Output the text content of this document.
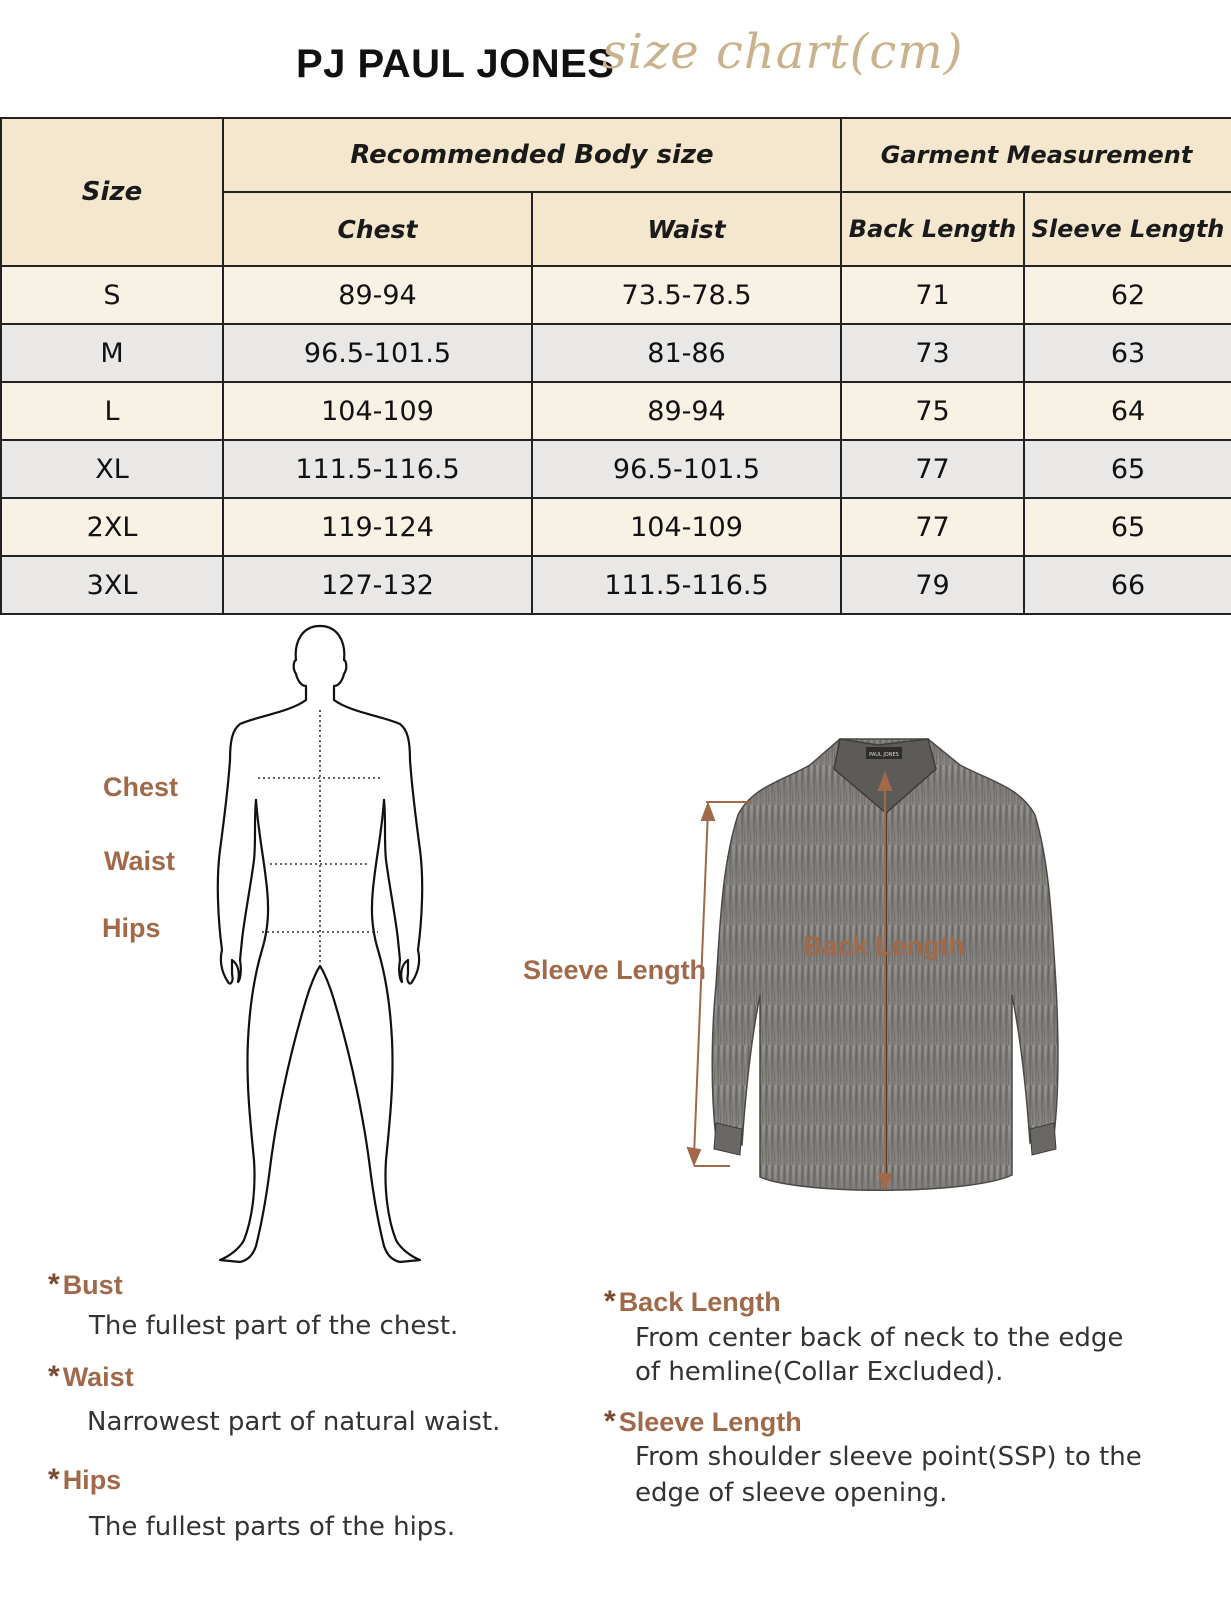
PJ PAUL JONES
size chart(cm)
Size	Recommended Body size		Garment Measurement	
	Chest	Waist	Back Length	Sleeve Length
S	89-94	73.5-78.5	71	62
M	96.5-101.5	81-86	73	63
L	104-109	89-94	75	64
XL	111.5-116.5	96.5-101.5	77	65
2XL	119-124	104-109	77	65
3XL	127-132	111.5-116.5	79	66
Chest
Waist
Hips
PAUL JONES
Sleeve Length
Back Length
* Bust
The fullest part of the chest.
* Waist
Narrowest part of natural waist.
* Hips
The fullest parts of the hips.
* Back Length
From center back of neck to the edge
of hemline(Collar Excluded).
* Sleeve Length
From shoulder sleeve point(SSP) to the
edge of sleeve opening.
